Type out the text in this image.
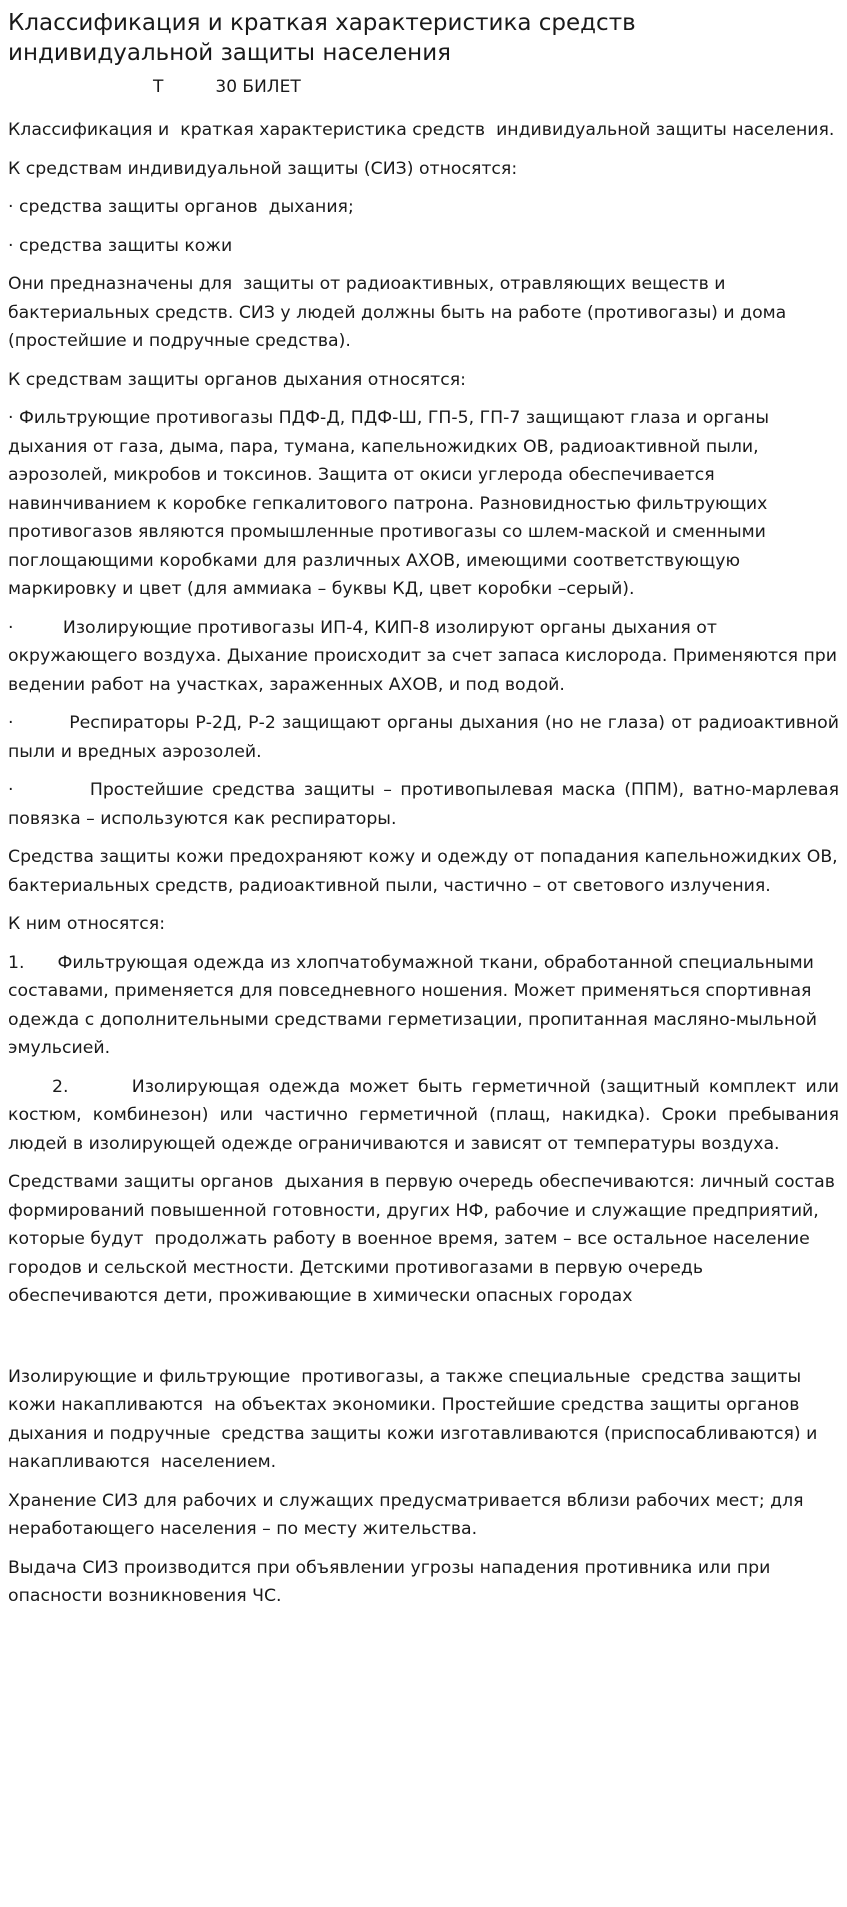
Классификация и краткая характеристика средств индивидуальной защиты населения
Т	30 БИЛЕТ

Классификация и  краткая характеристика средств  индивидуальной защиты населения.

К средствам индивидуальной защиты (СИЗ) относятся:

· средства защиты органов  дыхания;

· средства защиты кожи

Они предназначены для  защиты от радиоактивных, отравляющих веществ и бактериальных средств. СИЗ у людей должны быть на работе (противогазы) и дома (простейшие и подручные средства).

К средствам защиты органов дыхания относятся:

· Фильтрующие противогазы ПДФ-Д, ПДФ-Ш, ГП-5, ГП-7 защищают глаза и органы дыхания от газа, дыма, пара, тумана, капельножидких ОВ, радиоактивной пыли, аэрозолей, микробов и токсинов. Защита от окиси углерода обеспечивается навинчиванием к коробке гепкалитового патрона. Разновидностью фильтрующих противогазов являются промышленные противогазы со шлем-маской и сменными поглощающими коробками для различных АХОВ, имеющими соответствующую маркировку и цвет (для аммиака – буквы КД, цвет коробки –серый).

·         Изолирующие противогазы ИП-4, КИП-8 изолируют органы дыхания от окружающего воздуха. Дыхание происходит за счет запаса кислорода. Применяются при ведении работ на участках, зараженных АХОВ, и под водой.

·         Респираторы Р-2Д, Р-2 защищают органы дыхания (но не глаза) от радиоактивной пыли и вредных аэрозолей.

·         Простейшие средства защиты – противопылевая маска (ППМ), ватно-марлевая повязка – используются как респираторы.

Средства защиты кожи предохраняют кожу и одежду от попадания капельножидких ОВ, бактериальных средств, радиоактивной пыли, частично – от светового излучения.

К ним относятся:

1.      Фильтрующая одежда из хлопчатобумажной ткани, обработанной специальными составами, применяется для повседневного ношения. Может применяться спортивная одежда с дополнительными средствами герметизации, пропитанная масляно-мыльной эмульсией.

2.       Изолирующая одежда может быть герметичной (защитный комплект или костюм, комбинезон) или частично герметичной (плащ, накидка). Сроки пребывания людей в изолирующей одежде ограничиваются и зависят от температуры воздуха.

Средствами защиты органов  дыхания в первую очередь обеспечиваются: личный состав формирований повышенной готовности, других НФ, рабочие и служащие предприятий, которые будут  продолжать работу в военное время, затем – все остальное население  городов и сельской местности. Детскими противогазами в первую очередь обеспечиваются дети, проживающие в химически опасных городах

Изолирующие и фильтрующие  противогазы, а также специальные  средства защиты кожи накапливаются  на объектах экономики. Простейшие средства защиты органов дыхания и подручные  средства защиты кожи изготавливаются (приспосабливаются) и накапливаются  населением.

Хранение СИЗ для рабочих и служащих предусматривается вблизи рабочих мест; для неработающего населения – по месту жительства.

Выдача СИЗ производится при объявлении угрозы нападения противника или при опасности возникновения ЧС.
